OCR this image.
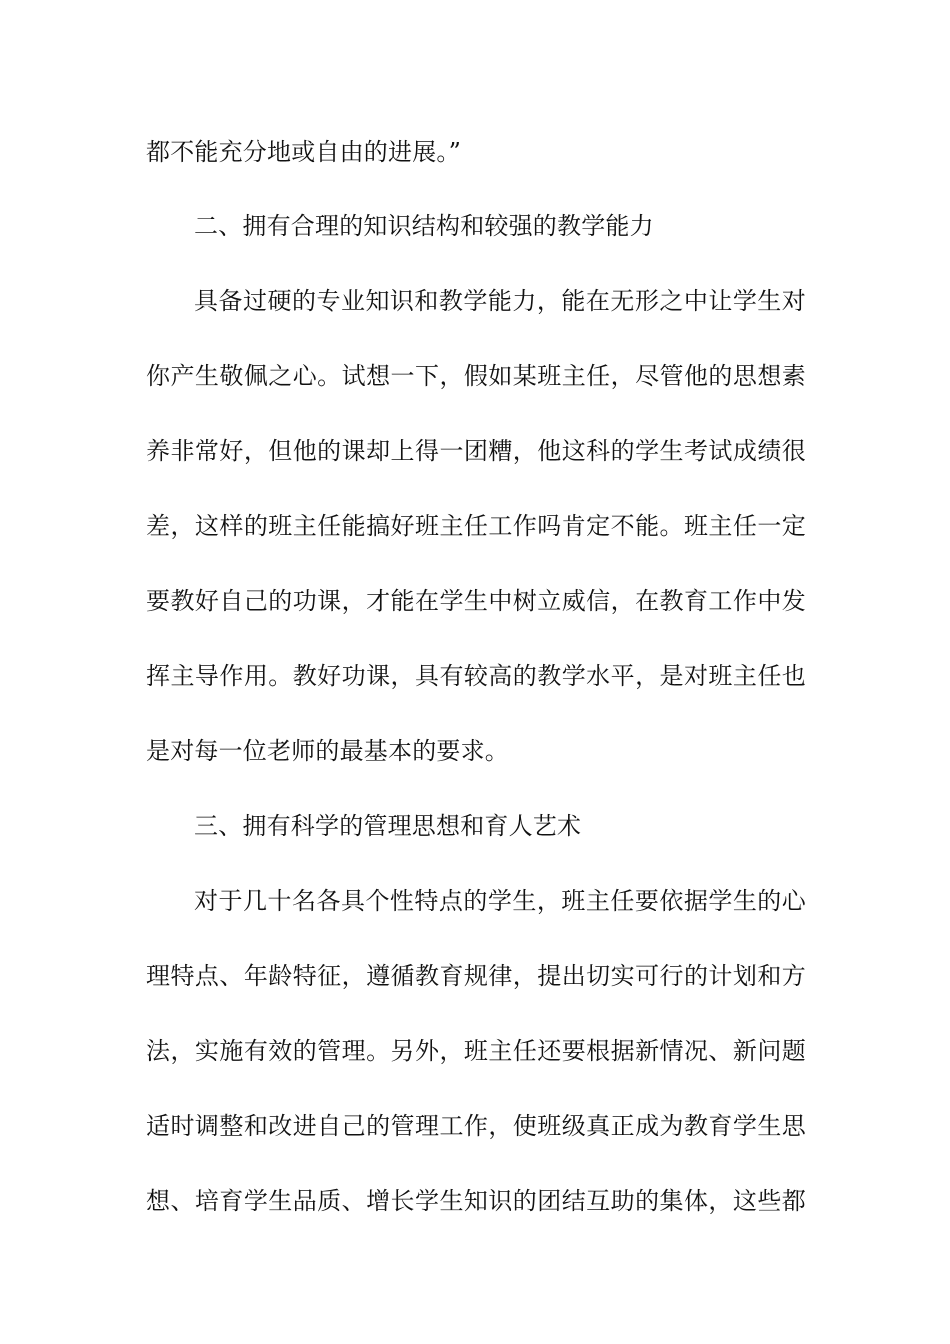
都不能充分地或自由的进展。”
二、拥有合理的知识结构和较强的教学能力
具备过硬的专业知识和教学能力，能在无形之中让学生对
你产生敬佩之心。试想一下，假如某班主任，尽管他的思想素
养非常好，但他的课却上得一团糟，他这科的学生考试成绩很
差，这样的班主任能搞好班主任工作吗肯定不能。班主任一定
要教好自己的功课，才能在学生中树立威信，在教育工作中发
挥主导作用。教好功课，具有较高的教学水平，是对班主任也
是对每一位老师的最基本的要求。
三、拥有科学的管理思想和育人艺术
对于几十名各具个性特点的学生，班主任要依据学生的心
理特点、年龄特征，遵循教育规律，提出切实可行的计划和方
法，实施有效的管理。另外，班主任还要根据新情况、新问题
适时调整和改进自己的管理工作，使班级真正成为教育学生思
想、培育学生品质、增长学生知识的团结互助的集体，这些都
